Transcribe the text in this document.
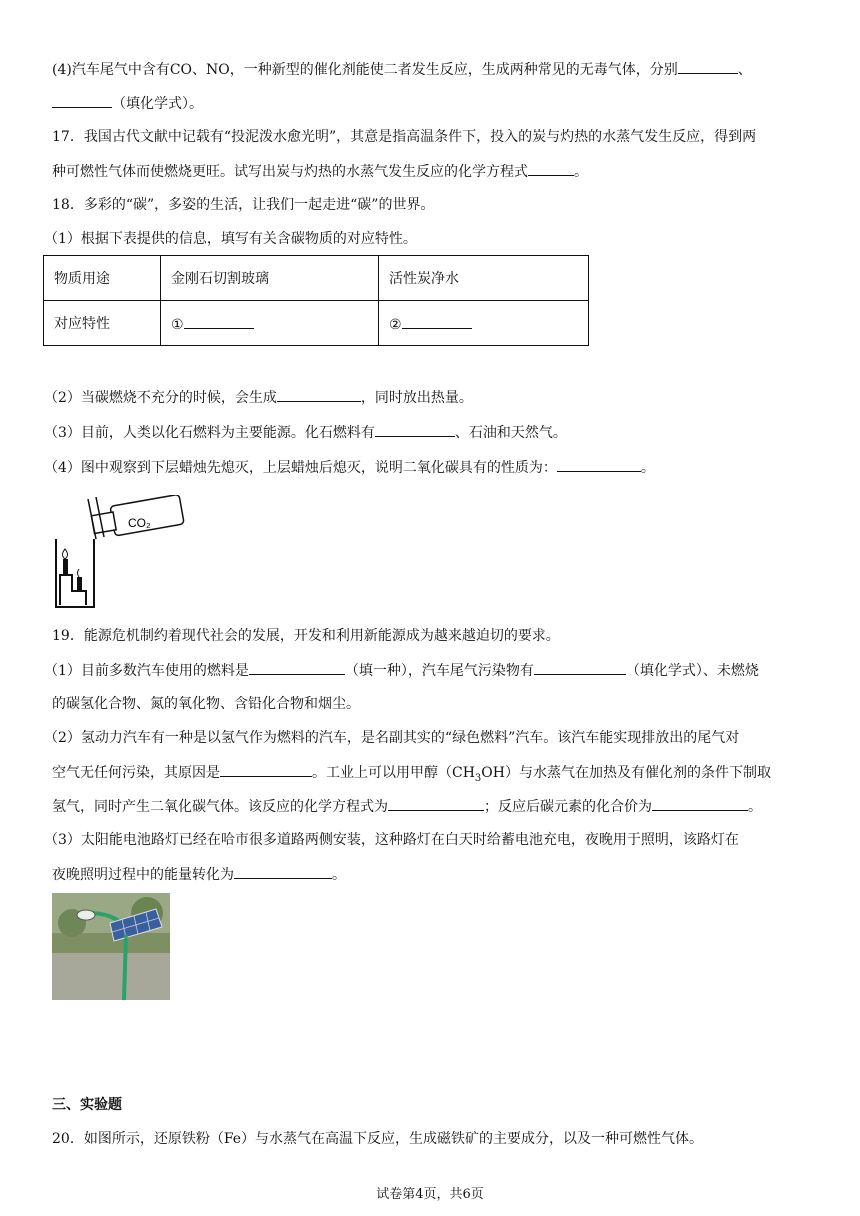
(4)汽车尾气中含有CO、NO，一种新型的催化剂能使二者发生反应，生成两种常见的无毒气体，分别	、
（填化学式）。
17．我国古代文献中记载有“投泥泼水愈光明”，其意是指高温条件下，投入的炭与灼热的水蒸气发生反应，得到两
种可燃性气体而使燃烧更旺。试写出炭与灼热的水蒸气发生反应的化学方程式	。
18．多彩的“碳”，多姿的生活，让我们一起走进“碳”的世界。
（1）根据下表提供的信息，填写有关含碳物质的对应特性。
物质用途	金刚石切割玻璃	活性炭净水
对应特性	①	②
（2）当碳燃烧不充分的时候，会生成	，同时放出热量。
（3）目前，人类以化石燃料为主要能源。化石燃料有	、石油和天然气。
（4）图中观察到下层蜡烛先熄灭，上层蜡烛后熄灭，说明二氧化碳具有的性质为：	。
CO₂
19．能源危机制约着现代社会的发展，开发和利用新能源成为越来越迫切的要求。
（1）目前多数汽车使用的燃料是	（填一种），汽车尾气污染物有	（填化学式）、未燃烧
的碳氢化合物、氮的氧化物、含铅化合物和烟尘。
（2）氢动力汽车有一种是以氢气作为燃料的汽车，是名副其实的“绿色燃料”汽车。该汽车能实现排放出的尾气对
空气无任何污染，其原因是	。工业上可以用甲醇$(CH_3OH)$与水蒸气在加热及有催化剂的条件下制取
氢气，同时产生二氧化碳气体。该反应的化学方程式为	；反应后碳元素的化合价为	。
（3）太阳能电池路灯已经在哈市很多道路两侧安装，这种路灯在白天时给蓄电池充电，夜晚用于照明，该路灯在
夜晚照明过程中的能量转化为	。
三、实验题
20．如图所示，还原铁粉（Fe）与水蒸气在高温下反应，生成磁铁矿的主要成分，以及一种可燃性气体。
试卷第4页，共6页
